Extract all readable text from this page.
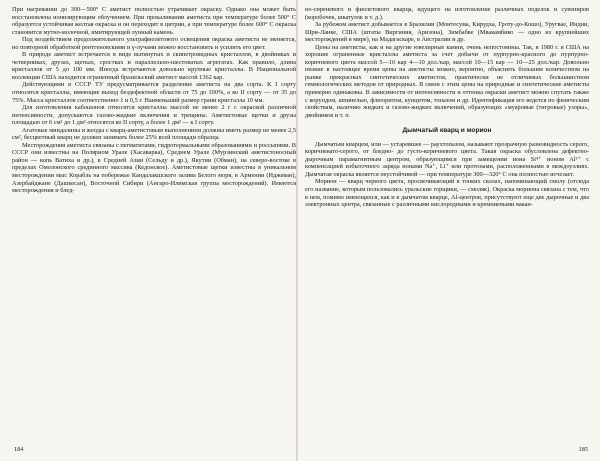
При нагревании до 300—500° С аметист полностью утрачивает окраску. Однако она может быть восстановлена ионизирующим облучением. При прокаливании аметиста при температуре более 500° С образуется устойчивая желтая окраска и он переходит в цитрин, а при температуре более 600° С окраска становится мутно-молочной, имитирующей лунный камень.

Под воздействием продолжительного ультрафиолетового освещения окраска аметиста не меняется, но повторной обработкой рентгеновскими и γ-лучами можно восстановить и усилить его цвет.

В природе аметист встречается в виде вытянутых и скипетровидных кристаллов, в двойниках и четверниках, друзах, щетках, сростках и параллельно-шестоватых агрегатах. Как правило, длина кристаллов от 5 до 100 мм. Иногда встречаются довольно крупные кристаллы. В Национальной коллекции США находится ограненный бразильский аметист массой 1362 кар.

Действующими в СССР ТУ предусматривается разделение аметиста на два сорта. К I сорту относятся кристаллы, имеющие выход бездефектной области от 75 до 100%, а ко II сорту — от 35 до 75%. Масса кристаллов соответственно 1 и 0,5 г. Наименьший размер грани кристалла 10 мм.

Для изготовления кабошонов относятся кристаллы массой не менее 2 г с окраской различной интенсивности, допускаются газово-жидкие включения и трещины. Аметистовые щетки и друзы площадью от 6 см² до 1 дм² относятся ко II сорту, а более 1 дм² — к I сорту.

Агатовые миндалины и жеоды с кварц-аметистовым выполнением должны иметь размер не менее 2,5 см², бесцветный кварц не должен занимать более 25% всей площади образца.

Месторождения аметиста связаны с пегматитами, гидротермальными образованиями и россыпями. В СССР они известны на Полярном Урале (Хасаварка), Среднем Урале (Мурзинский аметистоносный район — копь Ватиха и др.), в Средней Азии (Сельду и др.), Якутии (Обман), на северо-востоке в пределах Омолонского срединного массива (Кедонское). Аметистовые щетки известны в уникальном месторождении мыс Корабль на побережье Кандалакшского залива Белого моря, в Армении (Иджеван), Азербайджане (Дашкесан), Восточной Сибири (Ангаро-Илимская группа месторождений). Имеются месторождения и блед-

184

но-сиреневого и фиолетового кварца, идущего на изготовление различных поделок и сувениров (коробочек, шкатулок и т. д.).

За рубежом аметист добывается в Бразилии (Монтесума, Кирудха, Гроту-до-Кошо), Уругвае, Индии, Шри-Ланке, США (штаты Виргиния, Аризона), Зимбабве (Мвакамбико — одно из крупнейших месторождений в мире), на Мадагаскаре, в Австралии и др.

Цены на аметисты, как и на другие ювелирные камни, очень непостоянны. Так, в 1980 г. в США на хорошие ограненные кристаллы аметиста за счет добычи от пурпурно-красного до пурпурно-коричневого цвета массой 5—10 кар 4—10 дол./кар, массой 10—15 кар — 10—25 дол./кар. Довольно низкие в настоящее время цены на аметисты можно, вероятно, объяснить большим количеством на рынке прекрасных синтетических аметистов, практически не отличимых большинством геммологических методов от природных. В связи с этим цены на природные и синтетические аметисты примерно одинаковы. В зависимости от интенсивности и оттенка окраски аметист можно спутать также с корундом, шпинелью, флюоритом, кунцитом, топазом и др. Идентификация его ведется по физическим свойствам, наличию жидких и газово-жидких включений, образующих «муаровые (тигровые) узоры», двойников и т. п.

Дымчатый кварц и морион

Дымчатым кварцем, или — устаревшее — раухтопазом, называют прозрачную разновидность серого, коричневато-серого, от бледно- до густо-коричневого цвета. Такая окраска обусловлена дефектно-дырочным парамагнитным центром, образующимся при замещении иона Si⁴⁺ ионом Al³⁺ с компенсацией избыточного заряда ионами Na⁺, Li⁺ или протонами, расположенными в междоузлиях. Дымчатая окраска является неустойчивой — при температуре 300—320° С она полностью исчезает.

Морион — кварц черного цвета, просвечивающий в тонких сколах, напоминающий смолу (отсюда его название, которым пользовались уральские горщики, — смоляк). Окраска мориона связана с тем, что в нем, помимо имеющихся, как и в дымчатом кварце, Al-центров, присутствуют еще две дырочные и два электронных центра, связанные с различными кислородными и кремниевыми вакан-

185
